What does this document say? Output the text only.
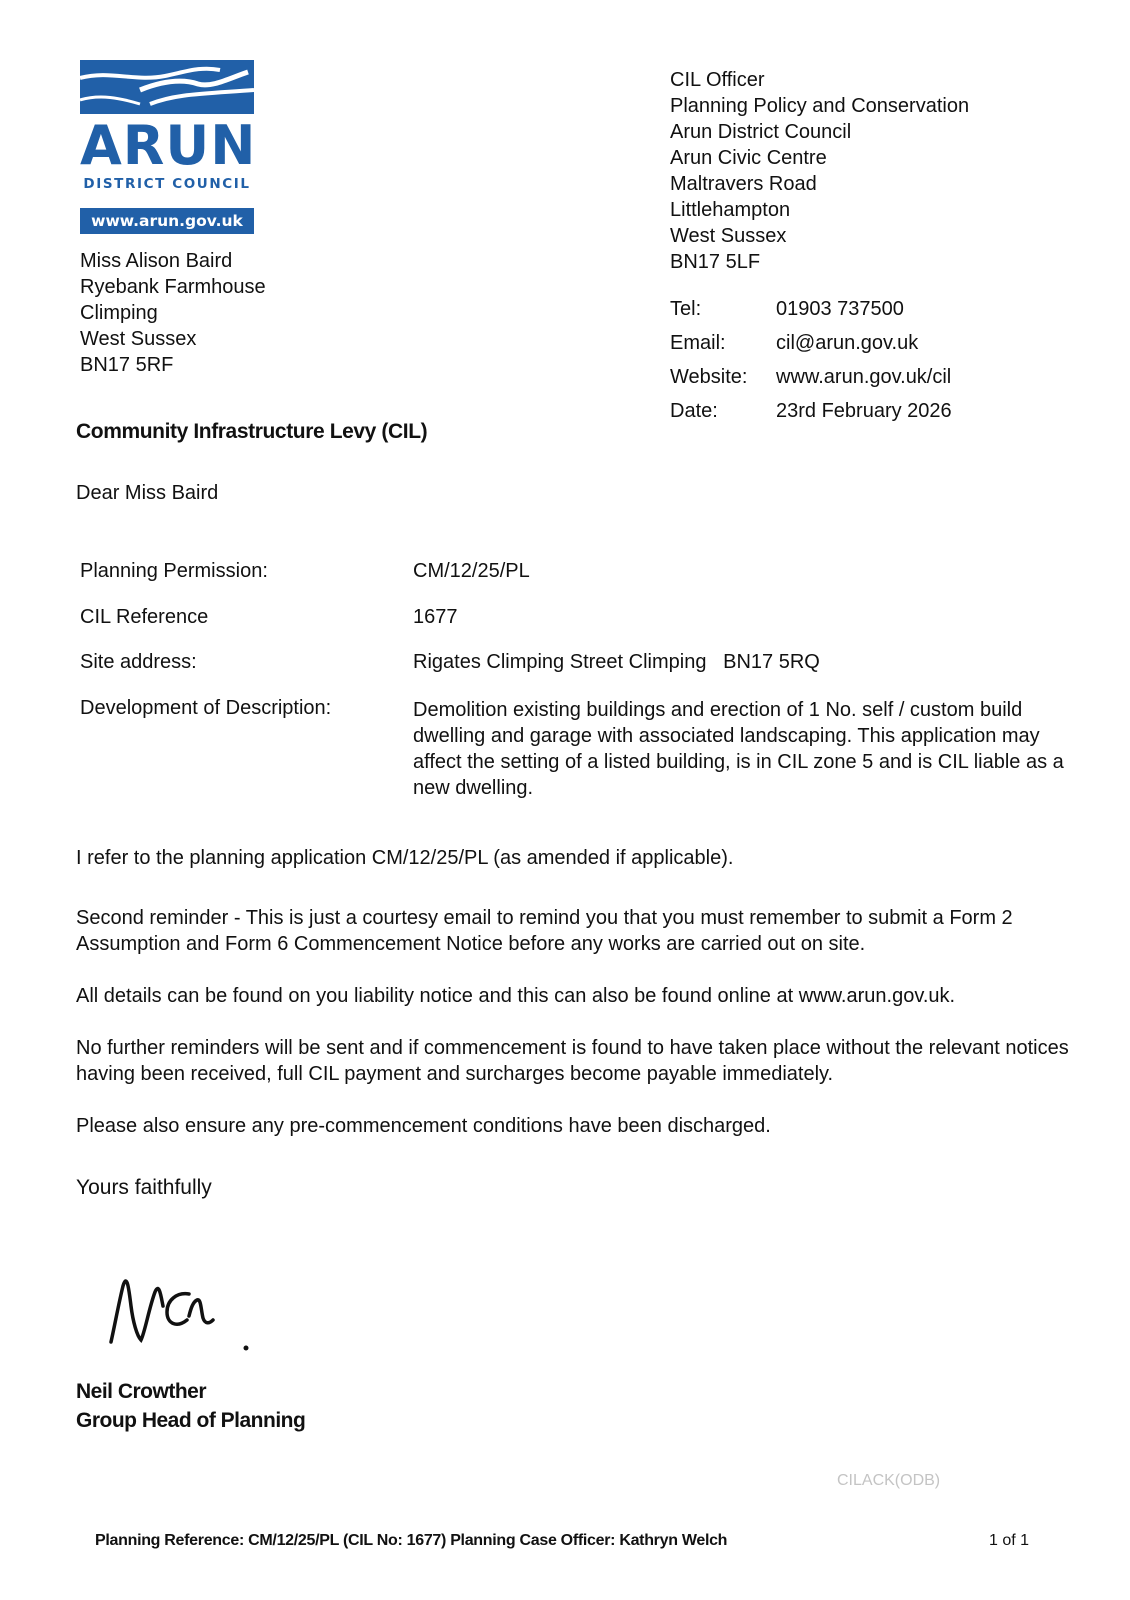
ARUN
DISTRICT COUNCIL
www.arun.gov.uk
Miss Alison Baird
Ryebank Farmhouse
Climping
West Sussex
BN17 5RF
CIL Officer
Planning Policy and Conservation
Arun District Council
Arun Civic Centre
Maltravers Road
Littlehampton
West Sussex
BN17 5LF
Tel:	01903 737500
Email:	cil@arun.gov.uk
Website: www.arun.gov.uk/cil
Date:	23rd February 2026
Community Infrastructure Levy (CIL)
Dear Miss Baird
Planning Permission:	CM/12/25/PL
CIL Reference	1677
Site address:	Rigates Climping Street Climping   BN17 5RQ
Development of Description:	Demolition existing buildings and erection of 1 No. self / custom build dwelling and garage with associated landscaping. This application may affect the setting of a listed building, is in CIL zone 5 and is CIL liable as a new dwelling.
I refer to the planning application CM/12/25/PL (as amended if applicable).
Second reminder - This is just a courtesy email to remind you that you must remember to submit a Form 2 Assumption and Form 6 Commencement Notice before any works are carried out on site.
All details can be found on you liability notice and this can also be found online at www.arun.gov.uk.
No further reminders will be sent and if commencement is found to have taken place without the relevant notices having been received, full CIL payment and surcharges become payable immediately.
Please also ensure any pre-commencement conditions have been discharged.
Yours faithfully
Neil Crowther
Group Head of Planning
CILACK(ODB)
Planning Reference: CM/12/25/PL (CIL No: 1677) Planning Case Officer: Kathryn Welch	1 of 1
